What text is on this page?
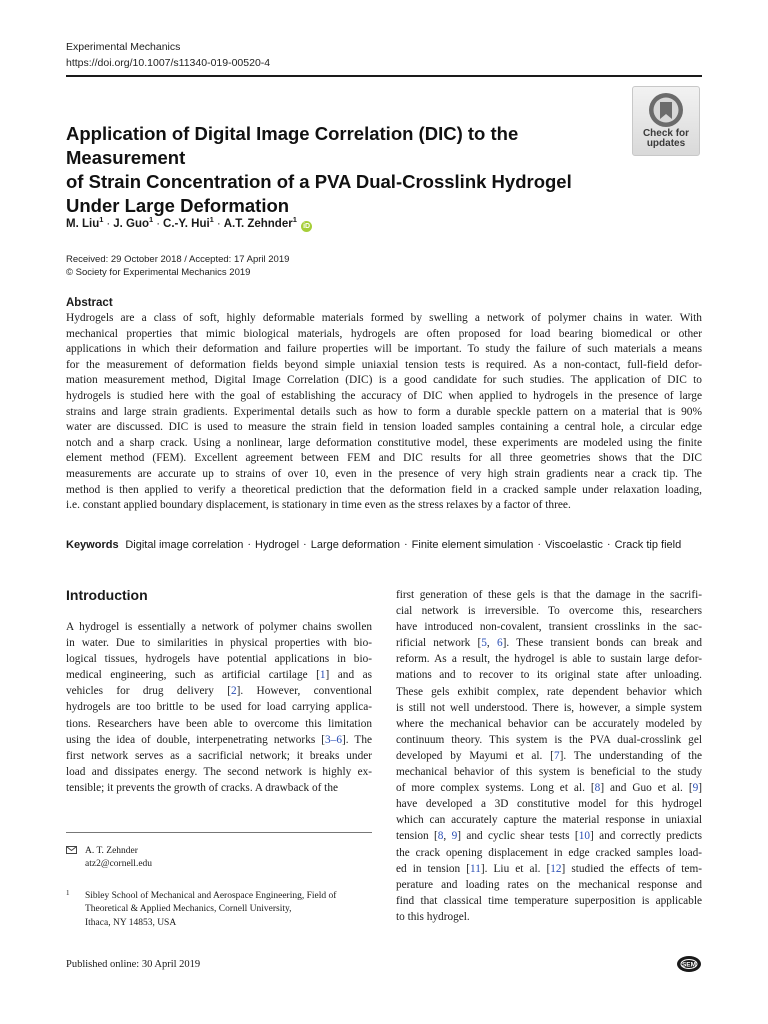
Experimental Mechanics
https://doi.org/10.1007/s11340-019-00520-4
Check for
updates
Application of Digital Image Correlation (DIC) to the Measurement
of Strain Concentration of a PVA Dual-Crosslink Hydrogel
Under Large Deformation
M. Liu$^1$ · J. Guo$^1$ · C.-Y. Hui$^1$ · A.T. Zehnder$^1$ iD
Received: 29 October 2018 / Accepted: 17 April 2019
© Society for Experimental Mechanics 2019
Abstract
Hydrogels are a class of soft, highly deformable materials formed by swelling a network of polymer chains in water. With
mechanical properties that mimic biological materials, hydrogels are often proposed for load bearing biomedical or other
applications in which their deformation and failure properties will be important. To study the failure of such materials a means
for the measurement of deformation fields beyond simple uniaxial tension tests is required. As a non-contact, full-field defor-
mation measurement method, Digital Image Correlation (DIC) is a good candidate for such studies. The application of DIC to
hydrogels is studied here with the goal of establishing the accuracy of DIC when applied to hydrogels in the presence of large
strains and large strain gradients. Experimental details such as how to form a durable speckle pattern on a material that is 90%
water are discussed. DIC is used to measure the strain field in tension loaded samples containing a central hole, a circular edge
notch and a sharp crack. Using a nonlinear, large deformation constitutive model, these experiments are modeled using the finite
element method (FEM). Excellent agreement between FEM and DIC results for all three geometries shows that the DIC
measurements are accurate up to strains of over 10, even in the presence of very high strain gradients near a crack tip. The
method is then applied to verify a theoretical prediction that the deformation field in a cracked sample under relaxation loading,
i.e. constant applied boundary displacement, is stationary in time even as the stress relaxes by a factor of three.
Keywords Digital image correlation · Hydrogel · Large deformation · Finite element simulation · Viscoelastic · Crack tip field
Introduction
A hydrogel is essentially a network of polymer chains swollen
in water. Due to similarities in physical properties with bio-
logical tissues, hydrogels have potential applications in bio-
medical engineering, such as artificial cartilage [1] and as
vehicles for drug delivery [2]. However, conventional
hydrogels are too brittle to be used for load carrying applica-
tions. Researchers have been able to overcome this limitation
using the idea of double, interpenetrating networks [3–6]. The
first network serves as a sacrificial network; it breaks under
load and dissipates energy. The second network is highly ex-
tensible; it prevents the growth of cracks. A drawback of the
first generation of these gels is that the damage in the sacrifi-
cial network is irreversible. To overcome this, researchers
have introduced non-covalent, transient crosslinks in the sac-
rificial network [5, 6]. These transient bonds can break and
reform. As a result, the hydrogel is able to sustain large defor-
mations and to recover to its original state after unloading.
These gels exhibit complex, rate dependent behavior which
is still not well understood. There is, however, a simple system
where the mechanical behavior can be accurately modeled by
continuum theory. This system is the PVA dual-crosslink gel
developed by Mayumi et al. [7]. The understanding of the
mechanical behavior of this system is beneficial to the study
of more complex systems. Long et al. [8] and Guo et al. [9]
have developed a 3D constitutive model for this hydrogel
which can accurately capture the material response in uniaxial
tension [8, 9] and cyclic shear tests [10] and correctly predicts
the crack opening displacement in edge cracked samples load-
ed in tension [11]. Liu et al. [12] studied the effects of tem-
perature and loading rates on the mechanical response and
find that classical time temperature superposition is applicable
to this hydrogel.
A. T. Zehnder
atz2@cornell.edu
1 Sibley School of Mechanical and Aerospace Engineering, Field of
Theoretical & Applied Mechanics, Cornell University,
Ithaca, NY 14853, USA
Published online: 30 April 2019	SEM
